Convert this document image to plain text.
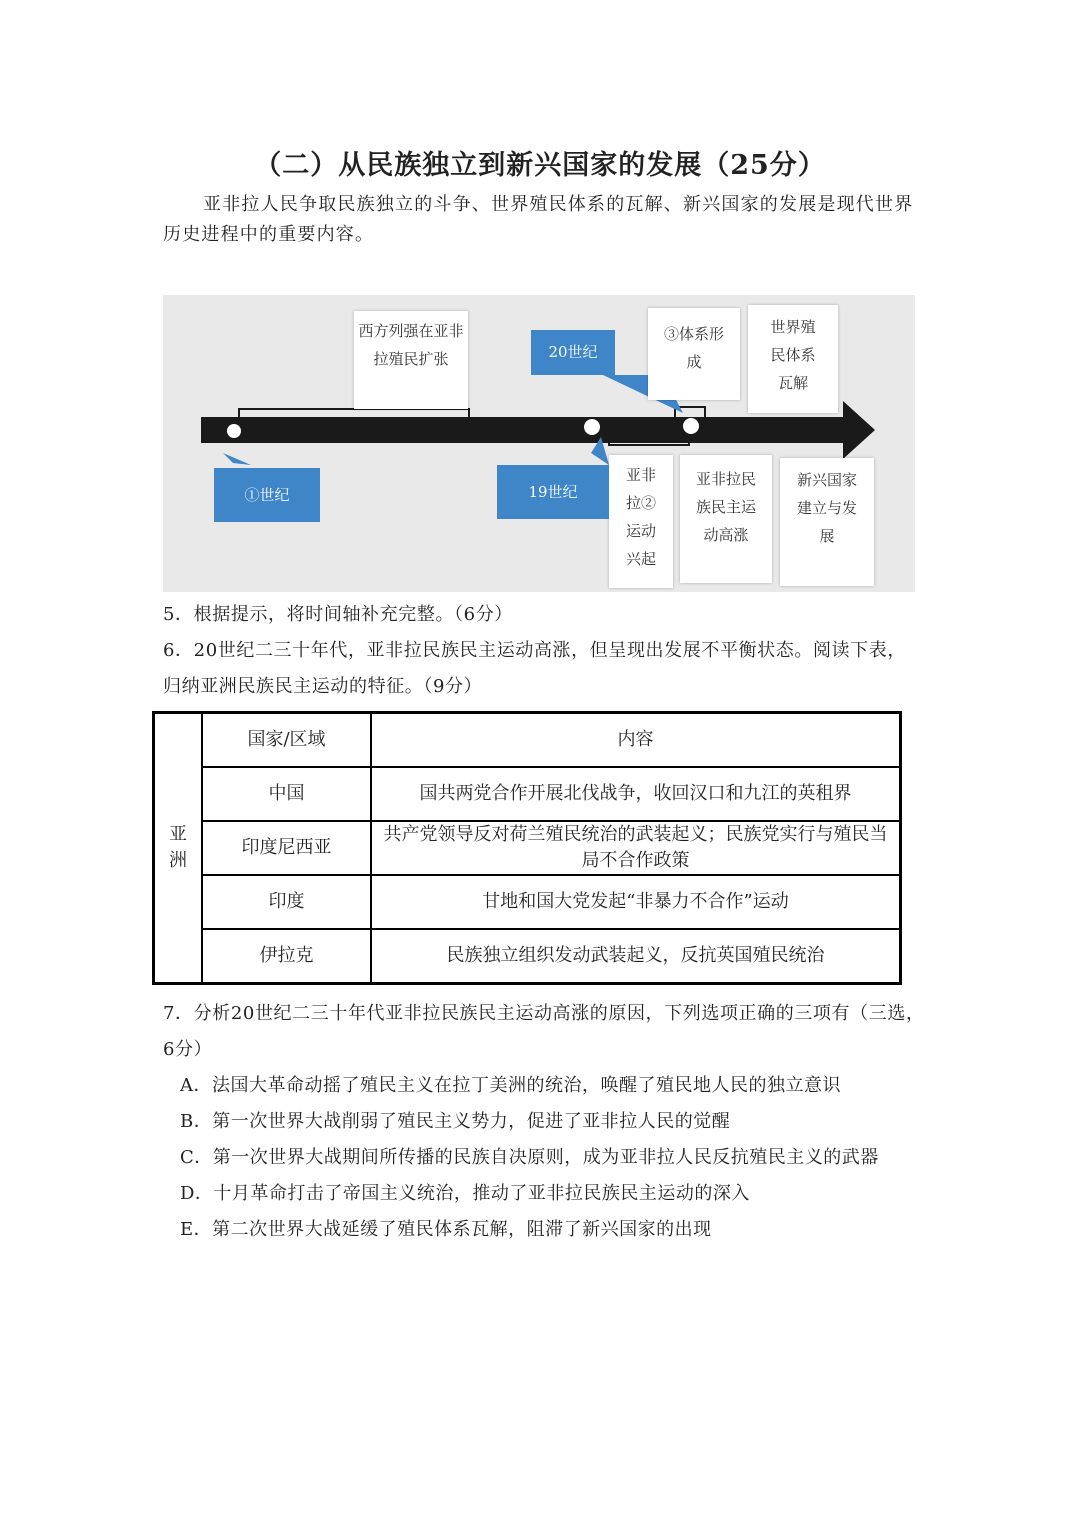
（二）从民族独立到新兴国家的发展（25分）
亚非拉人民争取民族独立的斗争、世界殖民体系的瓦解、新兴国家的发展是现代世界历史进程中的重要内容。
西方列强在亚非拉殖民扩张
③体系形成
世界殖民体系瓦解
亚非拉②运动兴起
亚非拉民族民主运动高涨
新兴国家建立与发展
①世纪	19世纪
20世纪
5．根据提示，将时间轴补充完整。（6分）
6．20世纪二三十年代，亚非拉民族民主运动高涨，但呈现出发展不平衡状态。阅读下表，
归纳亚洲民族民主运动的特征。（9分）
亚洲	国家/区域	内容
	中国	国共两党合作开展北伐战争，收回汉口和九江的英租界
	印度尼西亚	共产党领导反对荷兰殖民统治的武装起义；民族党实行与殖民当局不合作政策
	印度	甘地和国大党发起“非暴力不合作”运动
	伊拉克	民族独立组织发动武装起义，反抗英国殖民统治
7．分析20世纪二三十年代亚非拉民族民主运动高涨的原因，下列选项正确的三项有（三选，
6分）
A．法国大革命动摇了殖民主义在拉丁美洲的统治，唤醒了殖民地人民的独立意识
B．第一次世界大战削弱了殖民主义势力，促进了亚非拉人民的觉醒
C．第一次世界大战期间所传播的民族自决原则，成为亚非拉人民反抗殖民主义的武器
D．十月革命打击了帝国主义统治，推动了亚非拉民族民主运动的深入
E．第二次世界大战延缓了殖民体系瓦解，阻滞了新兴国家的出现
